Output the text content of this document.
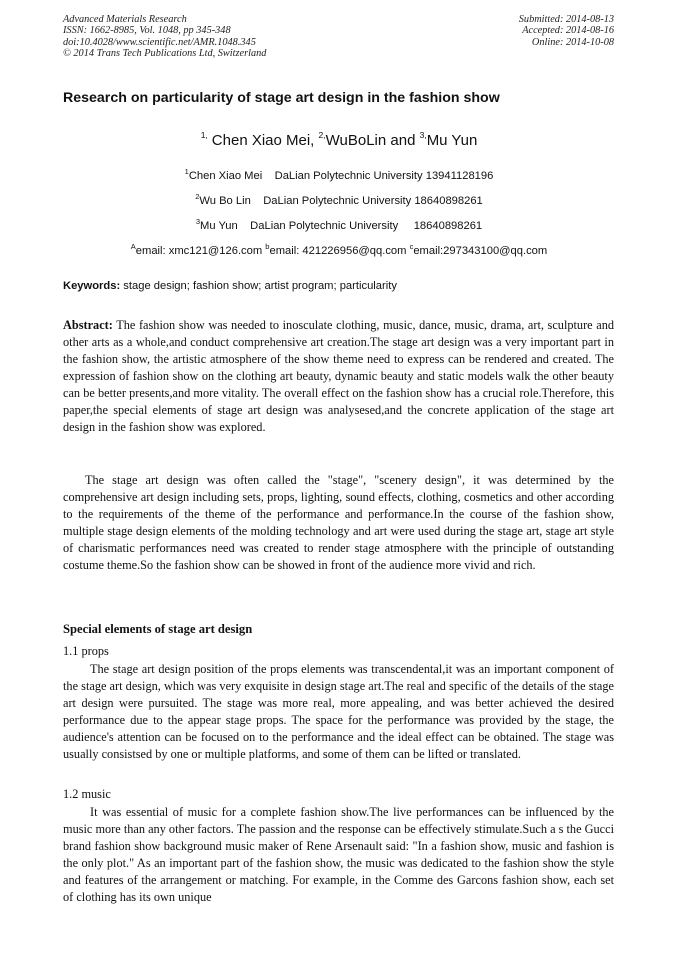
Advanced Materials Research
ISSN: 1662-8985, Vol. 1048, pp 345-348
doi:10.4028/www.scientific.net/AMR.1048.345
© 2014 Trans Tech Publications Ltd, Switzerland
Submitted: 2014-08-13
Accepted: 2014-08-16
Online: 2014-10-08
Research on particularity of stage art design in the fashion show
$^{1,}$ Chen Xiao Mei, $^{2,}$WuBoLin and $^{3,}$Mu Yun
$^1$Chen Xiao Mei    DaLian Polytechnic University 13941128196
$^2$Wu Bo Lin    DaLian Polytechnic University 18640898261
$^3$Mu Yun    DaLian Polytechnic University     18640898261
$^A$email: xmc121@126.com $^b$email: 421226956@qq.com $^c$email:297343100@qq.com
Keywords: stage design; fashion show; artist program; particularity

Abstract: The fashion show was needed to inosculate clothing, music, dance, music, drama, art, sculpture and other arts as a whole,and conduct comprehensive art creation.The stage art design was a very important part in the fashion show, the artistic atmosphere of the show theme need to express can be rendered and created. The expression of fashion show on the clothing art beauty, dynamic beauty and static models walk the other beauty can be better presents,and more vitality. The overall effect on the fashion show has a crucial role.Therefore, this paper,the special elements of stage art design was analysesed,and the concrete application of the stage art design in the fashion show was explored.

The stage art design was often called the "stage", "scenery design", it was determined by the comprehensive art design including sets, props, lighting, sound effects, clothing, cosmetics and other according to the requirements of the theme of the performance and performance.In the course of the fashion show, multiple stage design elements of the molding technology and art were used during the stage art, stage art style of charismatic performances need was created to render stage atmosphere with the principle of outstanding costume theme.So the fashion show can be showed in front of the audience more vivid and rich.

Special elements of stage art design
1.1 props

The stage art design position of the props elements was transcendental,it was an important component of the stage art design, which was very exquisite in design stage art.The real and specific of the details of the stage art design were pursuited. The stage was more real, more appealing, and was better achieved the desired performance due to the appear stage props. The space for the performance was provided by the stage, the audience's attention can be focused on to the performance and the ideal effect can be obtained. The stage was usually consistsed by one or multiple platforms, and some of them can be lifted or translated.

1.2 music

It was essential of music for a complete fashion show.The live performances can be influenced by the music more than any other factors. The passion and the response can be effectively stimulate.Such a s the Gucci brand fashion show background music maker of Rene Arsenault said: "In a fashion show, music and fashion is the only plot." As an important part of the fashion show, the music was dedicated to the fashion show the style and features of the arrangement or matching. For example, in the Comme des Garcons fashion show, each set of clothing has its own unique
